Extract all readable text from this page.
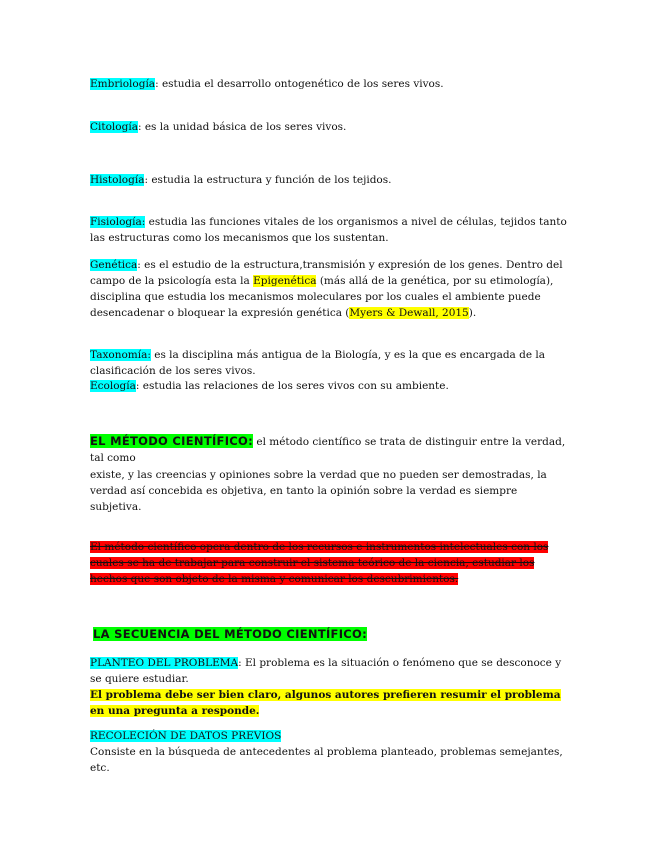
Embriología: estudia el desarrollo ontogenético de los seres vivos.
Citología: es la unidad básica de los seres vivos.
Histología: estudia la estructura y función de los tejidos.
Fisiología: estudia las funciones vitales de los organismos a nivel de células, tejidos tanto las estructuras como los mecanismos que los sustentan.
Genética: es el estudio de la estructura,transmisión y expresión de los genes. Dentro del campo de la psicología esta la Epigenética (más allá de la genética, por su etimología), disciplina que estudia los mecanismos moleculares por los cuales el ambiente puede desencadenar o bloquear la expresión genética (Myers & Dewall, 2015).
Taxonomía: es la disciplina más antigua de la Biología, y es la que es encargada de la clasificación de los seres vivos.
Ecología: estudia las relaciones de los seres vivos con su ambiente.
EL MÉTODO CIENTÍFICO: el método científico se trata de distinguir entre la verdad, tal como
existe, y las creencias y opiniones sobre la verdad que no pueden ser demostradas, la verdad así concebida es objetiva, en tanto la opinión sobre la verdad es siempre subjetiva.
El método científico opera dentro de los recursos e instrumentos intelectuales con los cuales se ha de trabajar para construir el sistema teórico de la ciencia, estudiar los hechos que son objeto de la misma y comunicar los descubrimientos.
LA SECUENCIA DEL MÉTODO CIENTÍFICO:
PLANTEO DEL PROBLEMA: El problema es la situación o fenómeno que se desconoce y se quiere estudiar.
El problema debe ser bien claro, algunos autores prefieren resumir el problema en una pregunta a responde.
RECOLECIÓN DE DATOS PREVIOS
Consiste en la búsqueda de antecedentes al problema planteado, problemas semejantes, etc.
